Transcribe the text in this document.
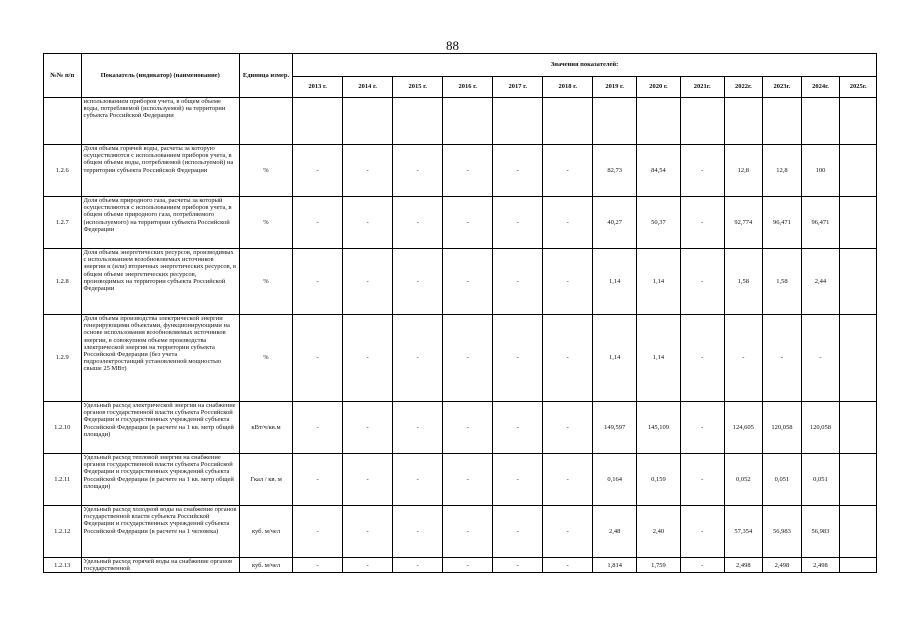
88
№№ п/п	Показатель (индикатор) (наименование)	Единица измер.	Значения показателей:												
			2013 г.	2014 г.	2015 г.	2016 г.	2017 г.	2018 г.	2019 г.	2020 г.	2021г.	2022г.	2023г.	2024г.	2025г.
	использованием приборов учета, в общем объеме воды, потребляемой (используемой) на территории субъекта Российской Федерации														
1.2.6	Доля объема горячей воды, расчеты за которую осуществляются с использованием приборов учета, в общем объеме воды, потребляемой (используемой) на территории субъекта Российской Федерации	%	-	-	-	-	-	-	82,73	84,54	-	12,8	12,8	100	
1.2.7	Доля объема природного газа, расчеты за который осуществляются с использованием приборов учета, в общем объеме природного газа, потребляемого (используемого) на территории субъекта Российской Федерации	%	-	-	-	-	-	-	40,27	50,37	-	92,774	96,471	96,471	
1.2.8	Доля объема энергетических ресурсов, производимых с использованием возобновляемых источников энергии и (или) вторичных энергетических ресурсов, в общем объеме энергетических ресурсов, производимых на территории субъекта Российской Федерации	%	-	-	-	-	-	-	1,14	1,14	-	1,58	1,58	2,44	
1.2.9	Доля объема производства электрической энергии генерирующими объектами, функционирующими на основе использования возобновляемых источников энергии, в совокупном объеме производства электрической энергии на территории субъекта Российской Федерации (без учета гидроэлектростанций установленной мощностью свыше 25 МВт)	%	-	-	-	-	-	-	1,14	1,14	-	-	-	-	
1.2.10	Удельный расход электрической энергии на снабжение органов государственной власти субъекта Российской Федерации и государственных учреждений субъекта Российской Федерации (в расчете на 1 кв. метр общей площади)	кВт/ч/кв.м	-	-	-	-	-	-	149,597	145,109	-	124,605	120,058	120,058	
1.2.11	Удельный расход тепловой энергии на снабжение органов государственной власти субъекта Российской Федерации и государственных учреждений субъекта Российской Федерации (в расчете на 1 кв. метр общей площади)	Гкал / кв. м	-	-	-	-	-	-	0,164	0,159	-	0,052	0,051	0,051	
1.2.12	Удельный расход холодной воды на снабжение органов государственной власти субъекта Российской Федерации и государственных учреждений субъекта Российской Федерации (в расчете на 1 человека)	куб. м/чел	-	-	-	-	-	-	2,48	2,40	-	57,354	56,983	56,983	
1.2.13	Удельный расход горячей воды на снабжение органов государственной	куб. м/чел	-	-	-	-	-	-	1,814	1,759	-	2,498	2,498	2,498	
